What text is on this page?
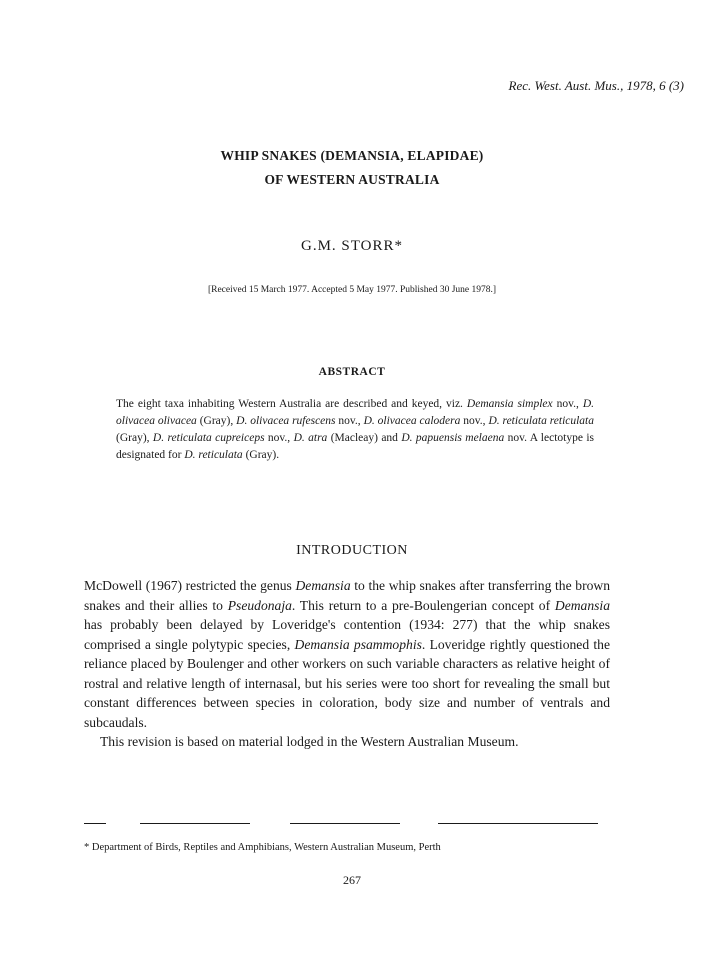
Rec. West. Aust. Mus., 1978, 6 (3)
WHIP SNAKES (DEMANSIA, ELAPIDAE)
OF WESTERN AUSTRALIA
G.M. STORR*
[Received 15 March 1977. Accepted 5 May 1977. Published 30 June 1978.]
ABSTRACT
The eight taxa inhabiting Western Australia are described and keyed, viz. Demansia simplex nov., D. olivacea olivacea (Gray), D. olivacea rufescens nov., D. olivacea calodera nov., D. reticulata reticulata (Gray), D. reticulata cupreiceps nov., D. atra (Macleay) and D. papuensis melaena nov. A lectotype is designated for D. reticulata (Gray).
INTRODUCTION

McDowell (1967) restricted the genus Demansia to the whip snakes after transferring the brown snakes and their allies to Pseudonaja. This return to a pre-Boulengerian concept of Demansia has probably been delayed by Loveridge's contention (1934: 277) that the whip snakes comprised a single polytypic species, Demansia psammophis. Loveridge rightly questioned the reliance placed by Boulenger and other workers on such variable characters as relative height of rostral and relative length of internasal, but his series were too short for revealing the small but constant differences between species in coloration, body size and number of ventrals and subcaudals.

This revision is based on material lodged in the Western Australian Museum.

* Department of Birds, Reptiles and Amphibians, Western Australian Museum, Perth
267
